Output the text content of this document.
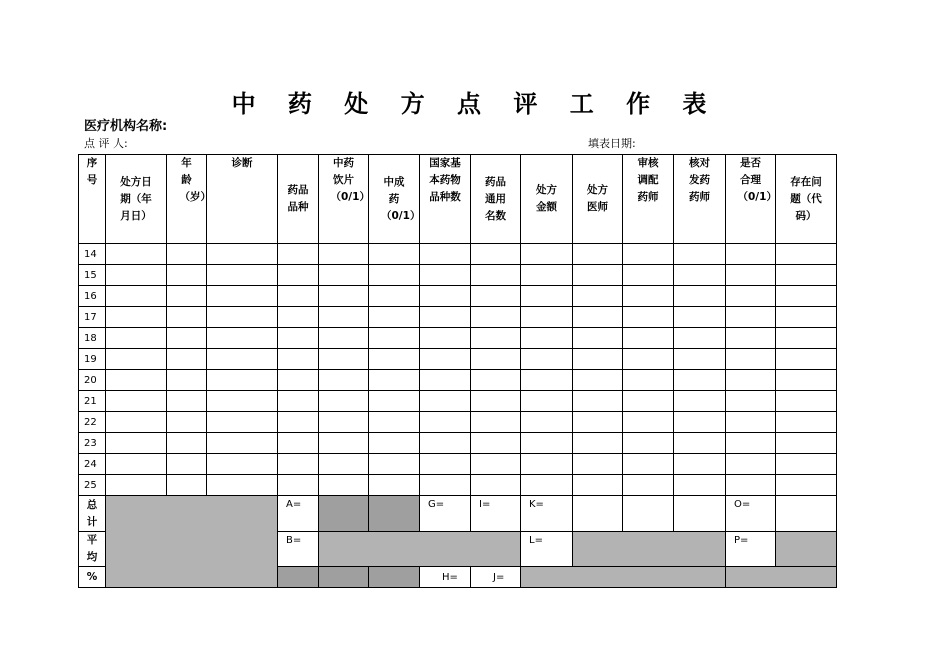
中 药 处 方 点 评 工 作 表
医疗机构名称:
点 评 人:	填表日期:
序号	处方日期（年月日）	年龄（岁）	诊断	药品品种	中药饮片（0/1）	中成药（0/1）	国家基本药物品种数	药品通用名数	处方金额	处方医师	审核调配药师	核对发药药师	是否合理（0/1）	存在问题（代码）

14														
15														
16														
17														
18														
19														
20														
21														
22														
23														
24														
25														

总计				A=			G=	I=	K=				O=	

平均				B=					L=				P=	
%							H=	J=						
